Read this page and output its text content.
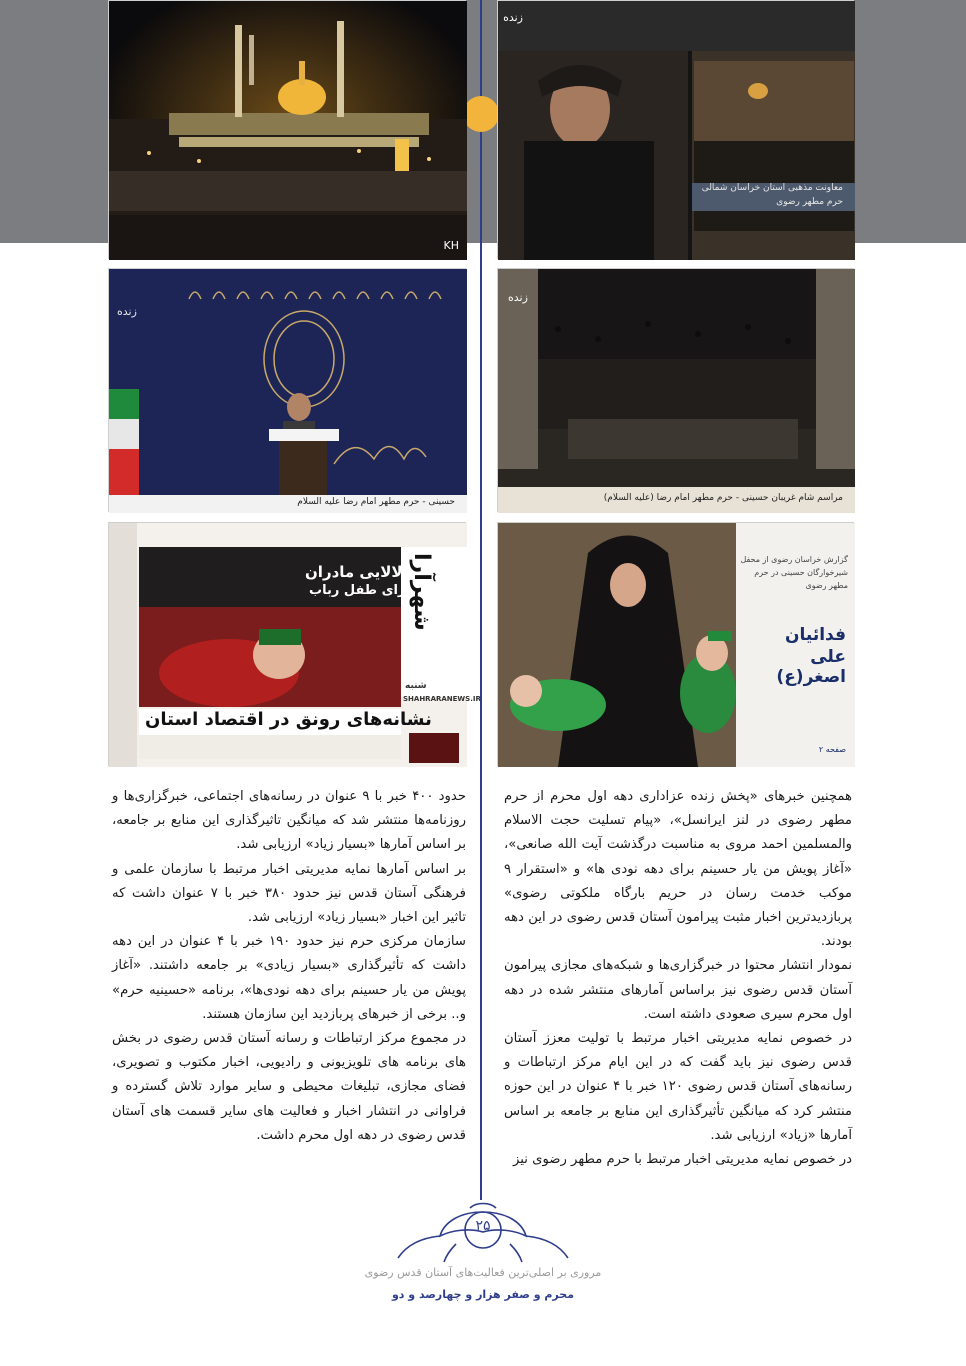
KH
زنده
معاونت مذهبی استان خراسان شمالی
حرم مطهر رضوی
زنده
حسینی - حرم مطهر امام رضا علیه السلام
زنده
مراسم شام غریبان حسینی - حرم مطهر امام رضا (علیه السلام)
لالایی مادران
برای طفل رباب
شهرآرا
شنبه
SHAHRARANEWS.IR
نشانه‌های رونق در اقتصاد استان
گزارش خراسان رضوی از محفل شیرخوارگان حسینی در حرم مطهر رضوی
فدائیان
علی اصغر(ع)
صفحه ۲

همچنین خبرهای «پخش زنده عزاداری دهه اول محرم از حرم مطهر رضوی در لنز ایرانسل»، «پیام تسلیت حجت الاسلام والمسلمین احمد مروی به مناسبت درگذشت آیت الله صانعی»، «آغاز پویش من یار حسینم برای دهه نودی ها» و «استقرار ۹ موکب خدمت رسان در حریم بارگاه ملکوتی رضوی» پربازدیدترین اخبار مثبت پیرامون آستان قدس رضوی در این دهه بودند.

نمودار انتشار محتوا در خبرگزاری‌ها و شبکه‌های مجازی پیرامون آستان قدس رضوی نیز براساس آمارهای منتشر شده در دهه اول محرم سیری صعودی داشته است.

در خصوص نمایه مدیریتی اخبار مرتبط با تولیت معزز آستان قدس رضوی نیز باید گفت که در این ایام مرکز ارتباطات و رسانه‌های آستان قدس رضوی ۱۲۰ خبر با ۴ عنوان در این حوزه منتشر کرد که میانگین تأثیرگذاری این منابع بر جامعه بر اساس آمارها «زیاد» ارزیابی شد.

در خصوص نمایه مدیریتی اخبار مرتبط با حرم مطهر رضوی نیز

حدود ۴۰۰ خبر با ۹ عنوان در رسانه‌های اجتماعی، خبرگزاری‌ها و روزنامه‌ها منتشر شد که میانگین تاثیرگذاری این منابع بر جامعه، بر اساس آمارها «بسیار زیاد» ارزیابی شد.

بر اساس آمارها نمایه مدیریتی اخبار مرتبط با سازمان علمی و فرهنگی آستان قدس نیز حدود ۳۸۰ خبر با ۷ عنوان داشت که تاثیر این اخبار «بسیار زیاد» ارزیابی شد.

سازمان مرکزی حرم نیز حدود ۱۹۰ خبر با ۴ عنوان در این دهه داشت که تأثیرگذاری «بسیار زیادی» بر جامعه داشتند. «آغاز پویش من یار حسینم برای دهه نودی‌ها»، برنامه «حسینیه حرم» و.. برخی از خبرهای پربازدید این سازمان هستند.

در مجموع مرکز ارتباطات و رسانه آستان قدس رضوی در بخش های برنامه های تلویزیونی و رادیویی، اخبار مکتوب و تصویری، فضای مجازی، تبلیغات محیطی و سایر موارد تلاش گسترده و فراوانی در انتشار اخبار و فعالیت های سایر قسمت های آستان قدس رضوی در دهه اول محرم داشت.

۲۵
مروری بر اصلی‌ترین فعالیت‌های آستان قدس رضوی
محرم و صفر هزار و چهارصد و دو
